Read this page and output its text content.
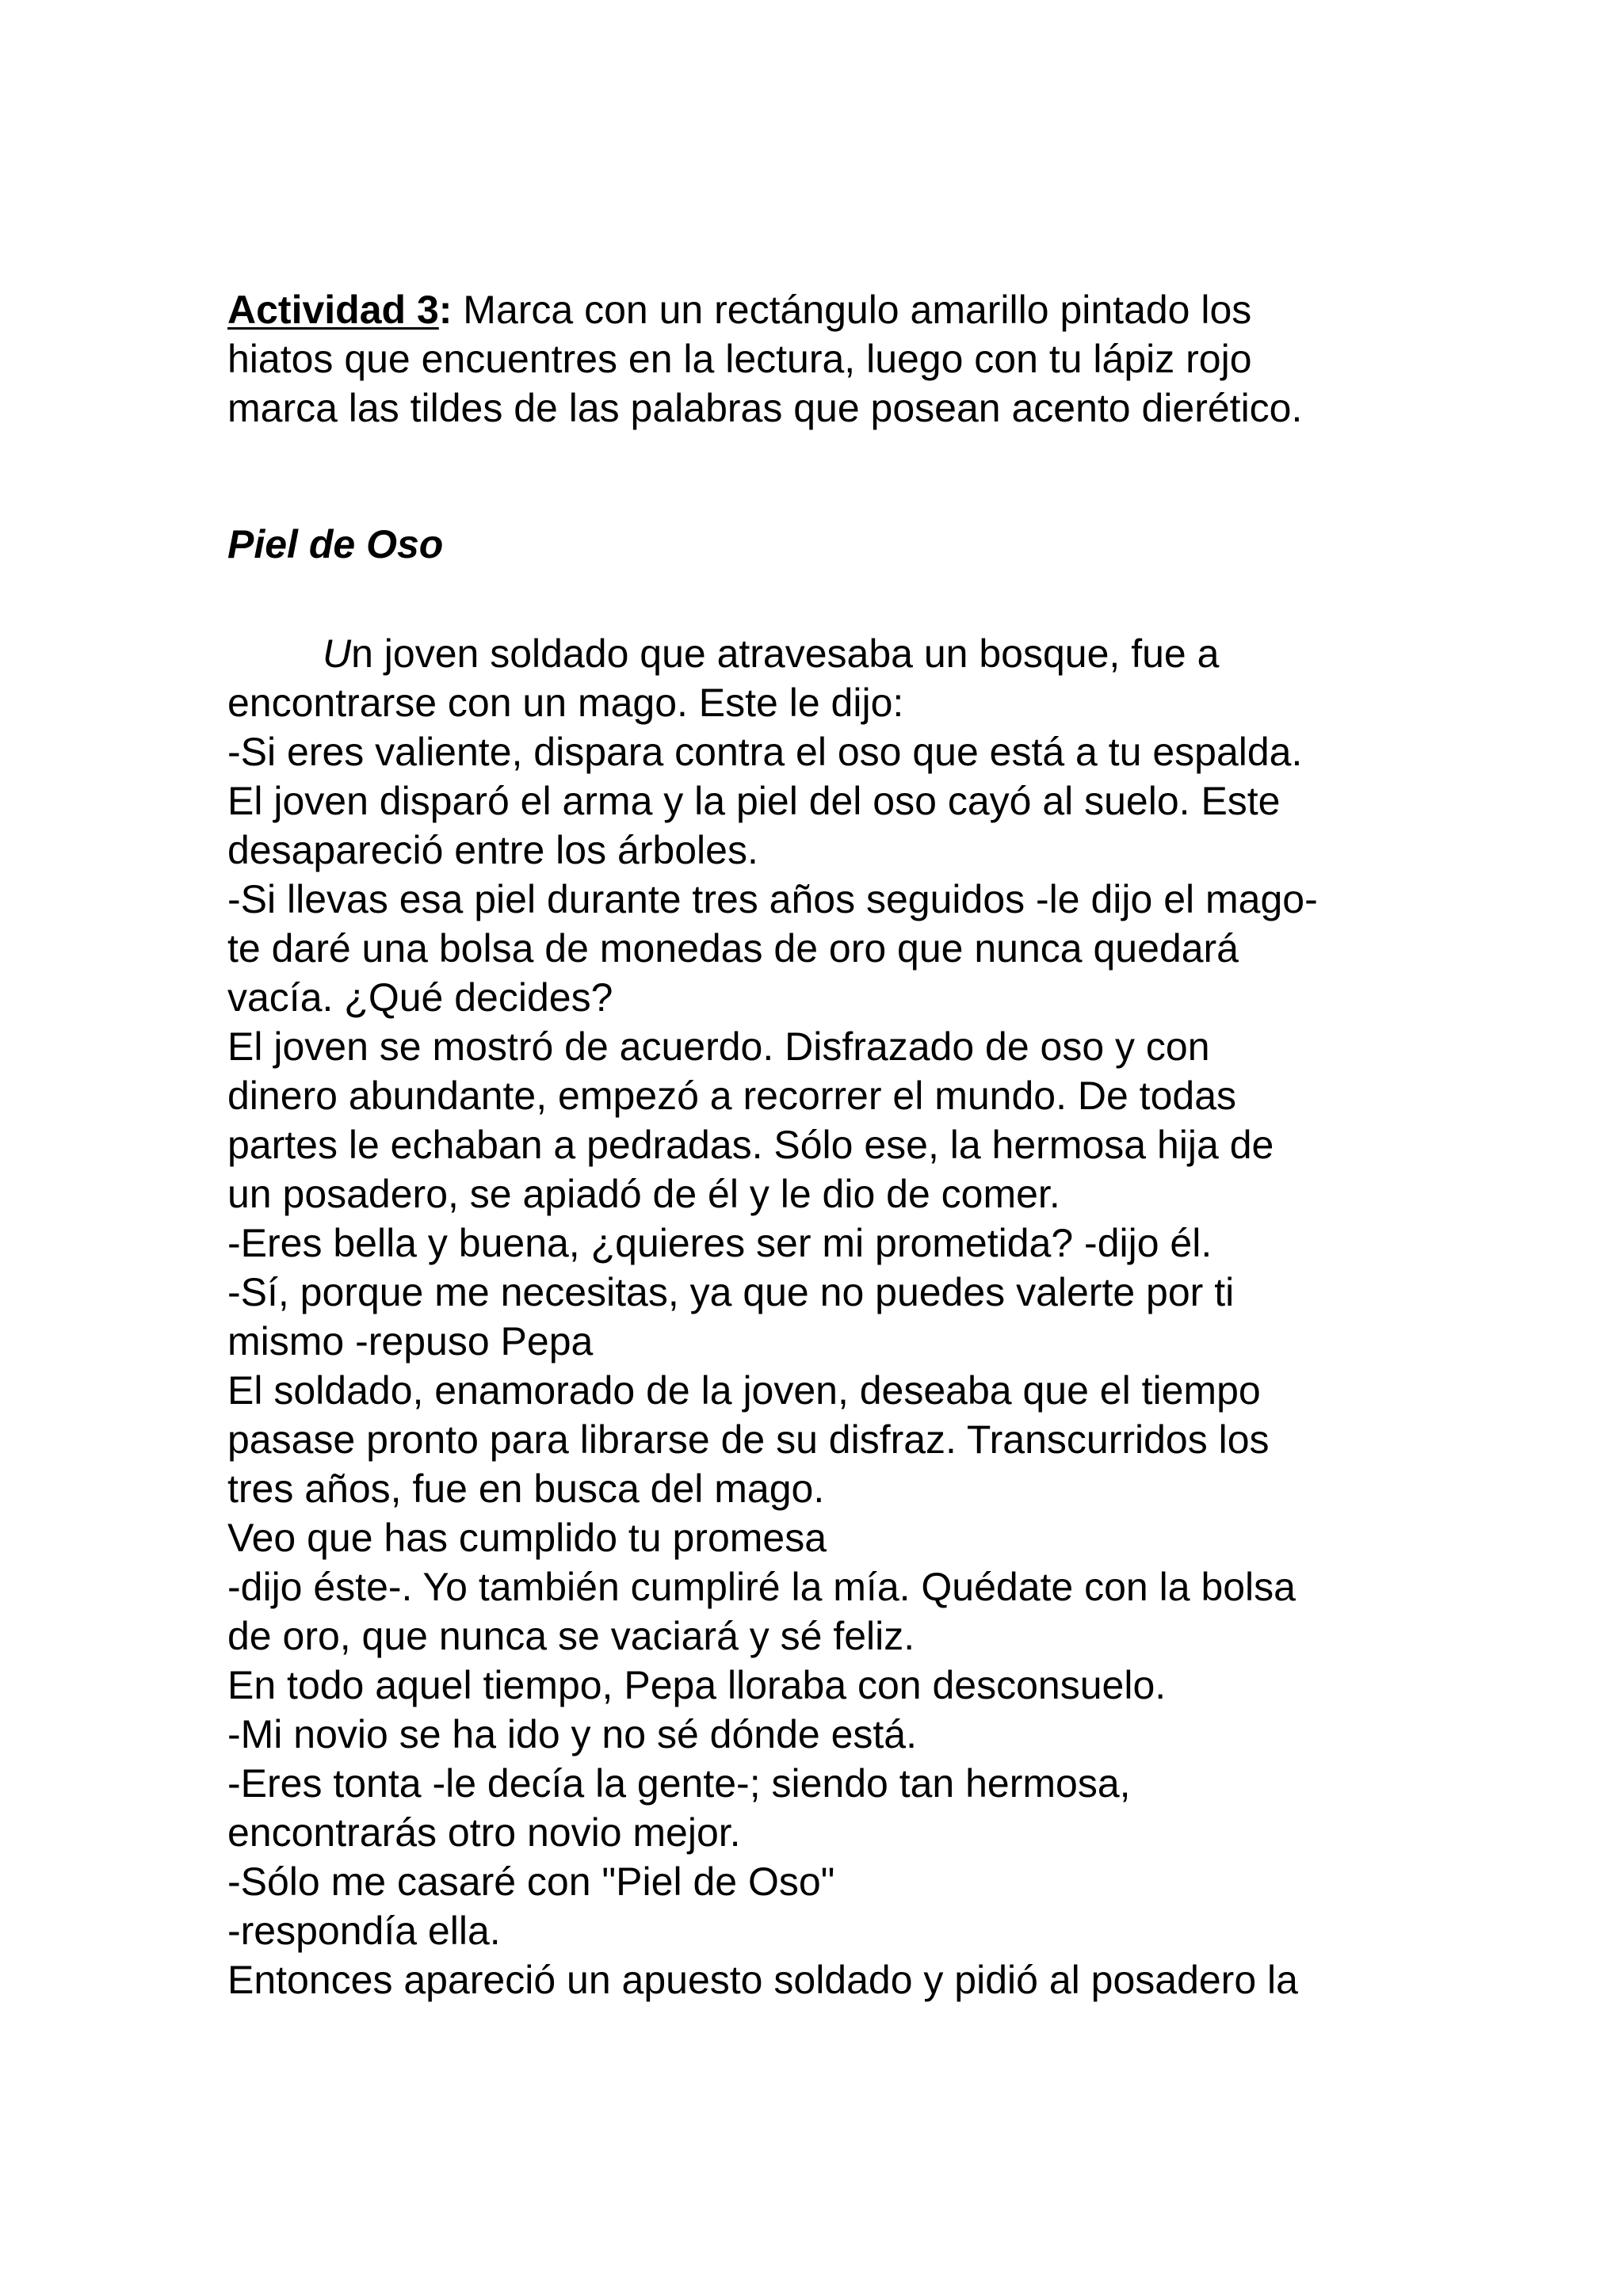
Actividad 3: Marca con un rectángulo amarillo pintado los
hiatos que encuentres en la lectura, luego con tu lápiz rojo
marca las tildes de las palabras que posean acento dierético.

Piel de Oso
Un joven soldado que atravesaba un bosque, fue a
encontrarse con un mago. Este le dijo:
-Si eres valiente, dispara contra el oso que está a tu espalda.
El joven disparó el arma y la piel del oso cayó al suelo. Este
desapareció entre los árboles.
-Si llevas esa piel durante tres años seguidos -le dijo el mago-
te daré una bolsa de monedas de oro que nunca quedará
vacía. ¿Qué decides?
El joven se mostró de acuerdo. Disfrazado de oso y con
dinero abundante, empezó a recorrer el mundo. De todas
partes le echaban a pedradas. Sólo ese, la hermosa hija de
un posadero, se apiadó de él y le dio de comer.
-Eres bella y buena, ¿quieres ser mi prometida? -dijo él.
-Sí, porque me necesitas, ya que no puedes valerte por ti
mismo -repuso Pepa
El soldado, enamorado de la joven, deseaba que el tiempo
pasase pronto para librarse de su disfraz. Transcurridos los
tres años, fue en busca del mago.
Veo que has cumplido tu promesa
-dijo éste-. Yo también cumpliré la mía. Quédate con la bolsa
de oro, que nunca se vaciará y sé feliz.
En todo aquel tiempo, Pepa lloraba con desconsuelo.
-Mi novio se ha ido y no sé dónde está.
-Eres tonta -le decía la gente-; siendo tan hermosa,
encontrarás otro novio mejor.
-Sólo me casaré con "Piel de Oso"
-respondía ella.
Entonces apareció un apuesto soldado y pidió al posadero la
